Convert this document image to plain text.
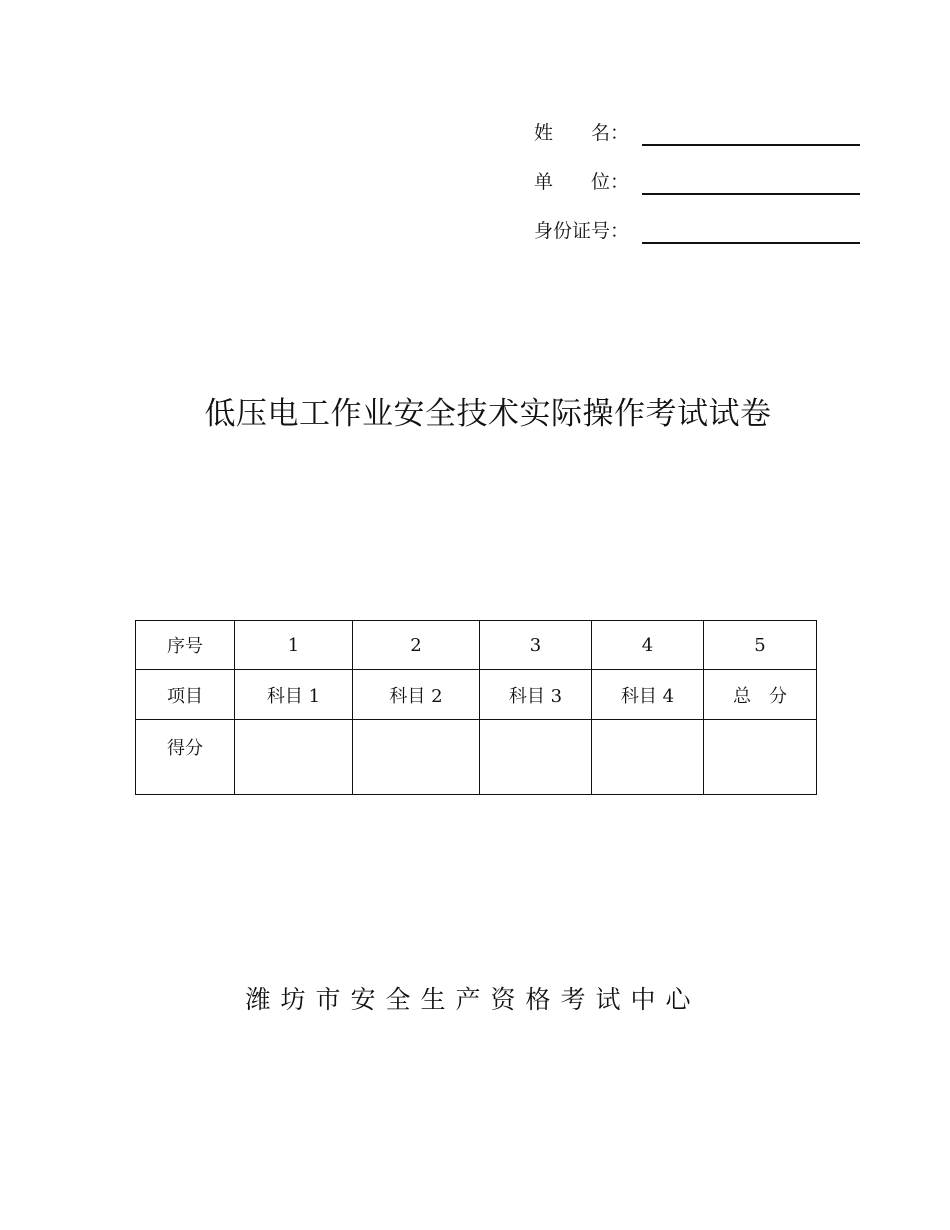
姓　　名：
单　　位：
身份证号：
低压电工作业安全技术实际操作考试试卷
序号	1	2	3	4	5
项目	科目 1	科目 2	科目 3	科目 4	总　分
得分					
潍坊市安全生产资格考试中心
